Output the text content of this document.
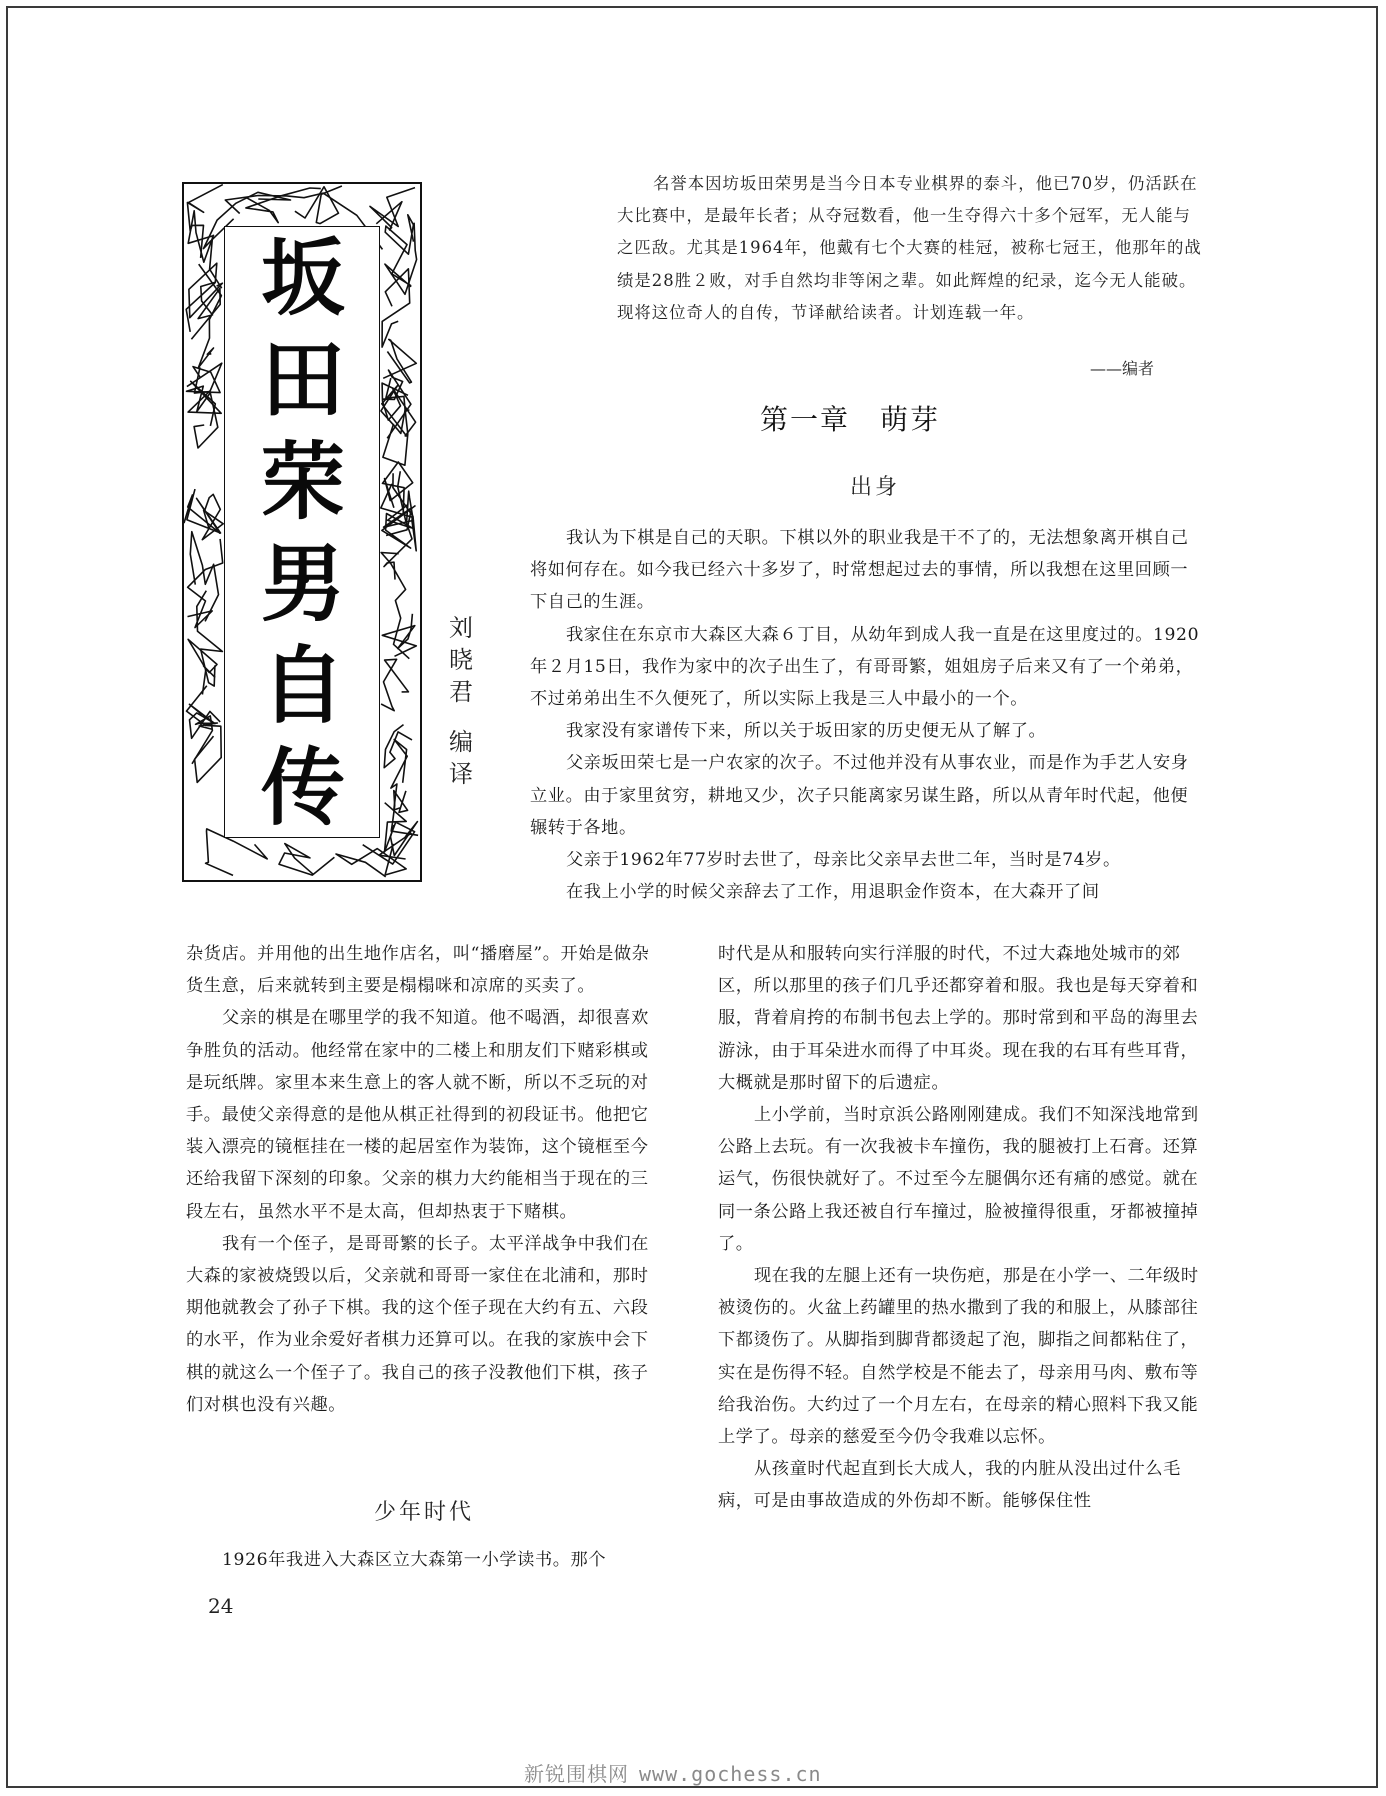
坂
田
荣
男
自
传
刘
晓
君
编
译

名誉本因坊坂田荣男是当今日本专业棋界的泰斗，他已70岁，仍活跃在大比赛中，是最年长者；从夺冠数看，他一生夺得六十多个冠军，无人能与之匹敌。尤其是1964年，他戴有七个大赛的桂冠，被称七冠王，他那年的战绩是28胜２败，对手自然均非等闲之辈。如此辉煌的纪录，迄今无人能破。现将这位奇人的自传，节译献给读者。计划连载一年。

——编者
第一章　萌芽
出身

我认为下棋是自己的天职。下棋以外的职业我是干不了的，无法想象离开棋自己将如何存在。如今我已经六十多岁了，时常想起过去的事情，所以我想在这里回顾一下自己的生涯。

我家住在东京市大森区大森６丁目，从幼年到成人我一直是在这里度过的。1920年２月15日，我作为家中的次子出生了，有哥哥繁，姐姐房子后来又有了一个弟弟，不过弟弟出生不久便死了，所以实际上我是三人中最小的一个。

我家没有家谱传下来，所以关于坂田家的历史便无从了解了。

父亲坂田荣七是一户农家的次子。不过他并没有从事农业，而是作为手艺人安身立业。由于家里贫穷，耕地又少，次子只能离家另谋生路，所以从青年时代起，他便辗转于各地。

父亲于1962年77岁时去世了，母亲比父亲早去世二年，当时是74岁。

在我上小学的时候父亲辞去了工作，用退职金作资本，在大森开了间

杂货店。并用他的出生地作店名，叫“播磨屋”。开始是做杂货生意，后来就转到主要是榻榻咪和凉席的买卖了。

父亲的棋是在哪里学的我不知道。他不喝酒，却很喜欢争胜负的活动。他经常在家中的二楼上和朋友们下赌彩棋或是玩纸牌。家里本来生意上的客人就不断，所以不乏玩的对手。最使父亲得意的是他从棋正社得到的初段证书。他把它装入漂亮的镜框挂在一楼的起居室作为装饰，这个镜框至今还给我留下深刻的印象。父亲的棋力大约能相当于现在的三段左右，虽然水平不是太高，但却热衷于下赌棋。

我有一个侄子，是哥哥繁的长子。太平洋战争中我们在大森的家被烧毁以后，父亲就和哥哥一家住在北浦和，那时期他就教会了孙子下棋。我的这个侄子现在大约有五、六段的水平，作为业余爱好者棋力还算可以。在我的家族中会下棋的就这么一个侄子了。我自己的孩子没教他们下棋，孩子们对棋也没有兴趣。

少年时代

1926年我进入大森区立大森第一小学读书。那个

时代是从和服转向实行洋服的时代，不过大森地处城市的郊区，所以那里的孩子们几乎还都穿着和服。我也是每天穿着和服，背着肩挎的布制书包去上学的。那时常到和平岛的海里去游泳，由于耳朵进水而得了中耳炎。现在我的右耳有些耳背，大概就是那时留下的后遗症。

上小学前，当时京浜公路刚刚建成。我们不知深浅地常到公路上去玩。有一次我被卡车撞伤，我的腿被打上石膏。还算运气，伤很快就好了。不过至今左腿偶尔还有痛的感觉。就在同一条公路上我还被自行车撞过，脸被撞得很重，牙都被撞掉了。

现在我的左腿上还有一块伤疤，那是在小学一、二年级时被烫伤的。火盆上药罐里的热水撒到了我的和服上，从膝部往下都烫伤了。从脚指到脚背都烫起了泡，脚指之间都粘住了，实在是伤得不轻。自然学校是不能去了，母亲用马肉、敷布等给我治伤。大约过了一个月左右，在母亲的精心照料下我又能上学了。母亲的慈爱至今仍令我难以忘怀。

从孩童时代起直到长大成人，我的内脏从没出过什么毛病，可是由事故造成的外伤却不断。能够保住性

24
新锐围棋网 www.gochess.cn
